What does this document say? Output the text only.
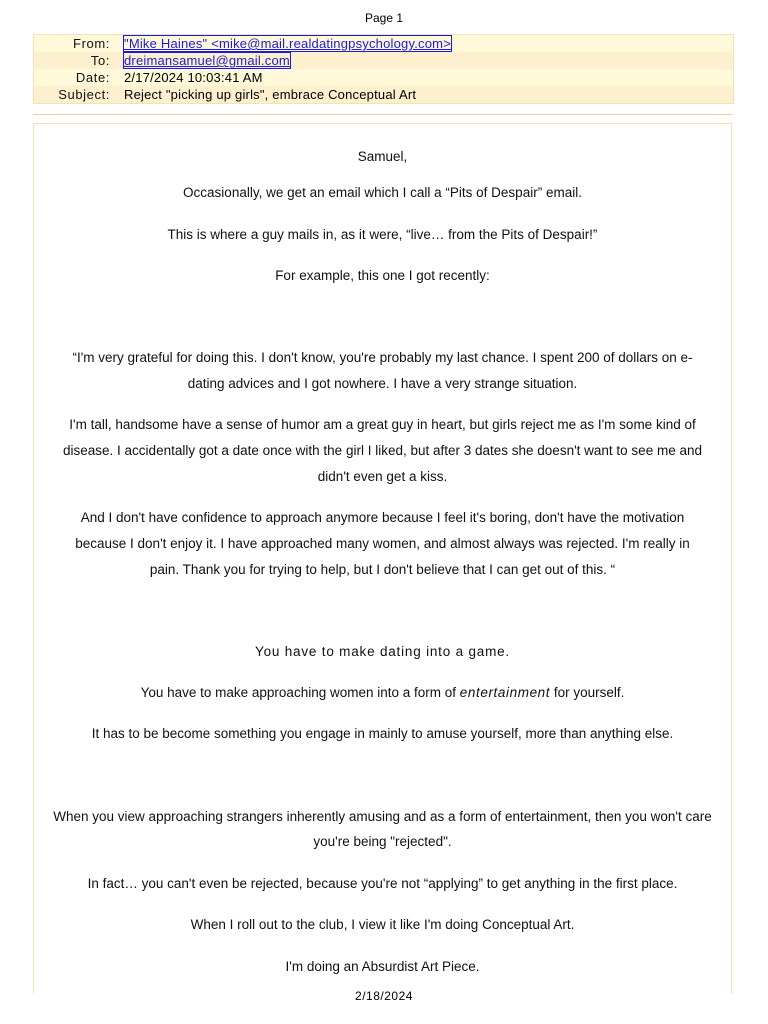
Page 1
From:	"Mike Haines" <mike@mail.realdatingpsychology.com>
To:	dreimansamuel@gmail.com
Date:	2/17/2024 10:03:41 AM
Subject:	Reject "picking up girls", embrace Conceptual Art
Samuel,
Occasionally, we get an email which I call a “Pits of Despair” email.
This is where a guy mails in, as it were, “live… from the Pits of Despair!”
For example, this one I got recently:
“I'm very grateful for doing this. I don't know, you're probably my last chance. I spent 200 of dollars on e-
dating advices and I got nowhere. I have a very strange situation.
I'm tall, handsome have a sense of humor am a great guy in heart, but girls reject me as I'm some kind of
disease. I accidentally got a date once with the girl I liked, but after 3 dates she doesn't want to see me and
didn't even get a kiss.
And I don't have confidence to approach anymore because I feel it's boring, don't have the motivation
because I don't enjoy it. I have approached many women, and almost always was rejected. I'm really in
pain. Thank you for trying to help, but I don't believe that I can get out of this. “
You have to make dating into a game.
You have to make approaching women into a form of entertainment for yourself.
It has to be become something you engage in mainly to amuse yourself, more than anything else.
When you view approaching strangers inherently amusing and as a form of entertainment, then you won't care
you're being "rejected".
In fact… you can't even be rejected, because you're not “applying” to get anything in the first place.
When I roll out to the club, I view it like I'm doing Conceptual Art.
I'm doing an Absurdist Art Piece.
2/18/2024
